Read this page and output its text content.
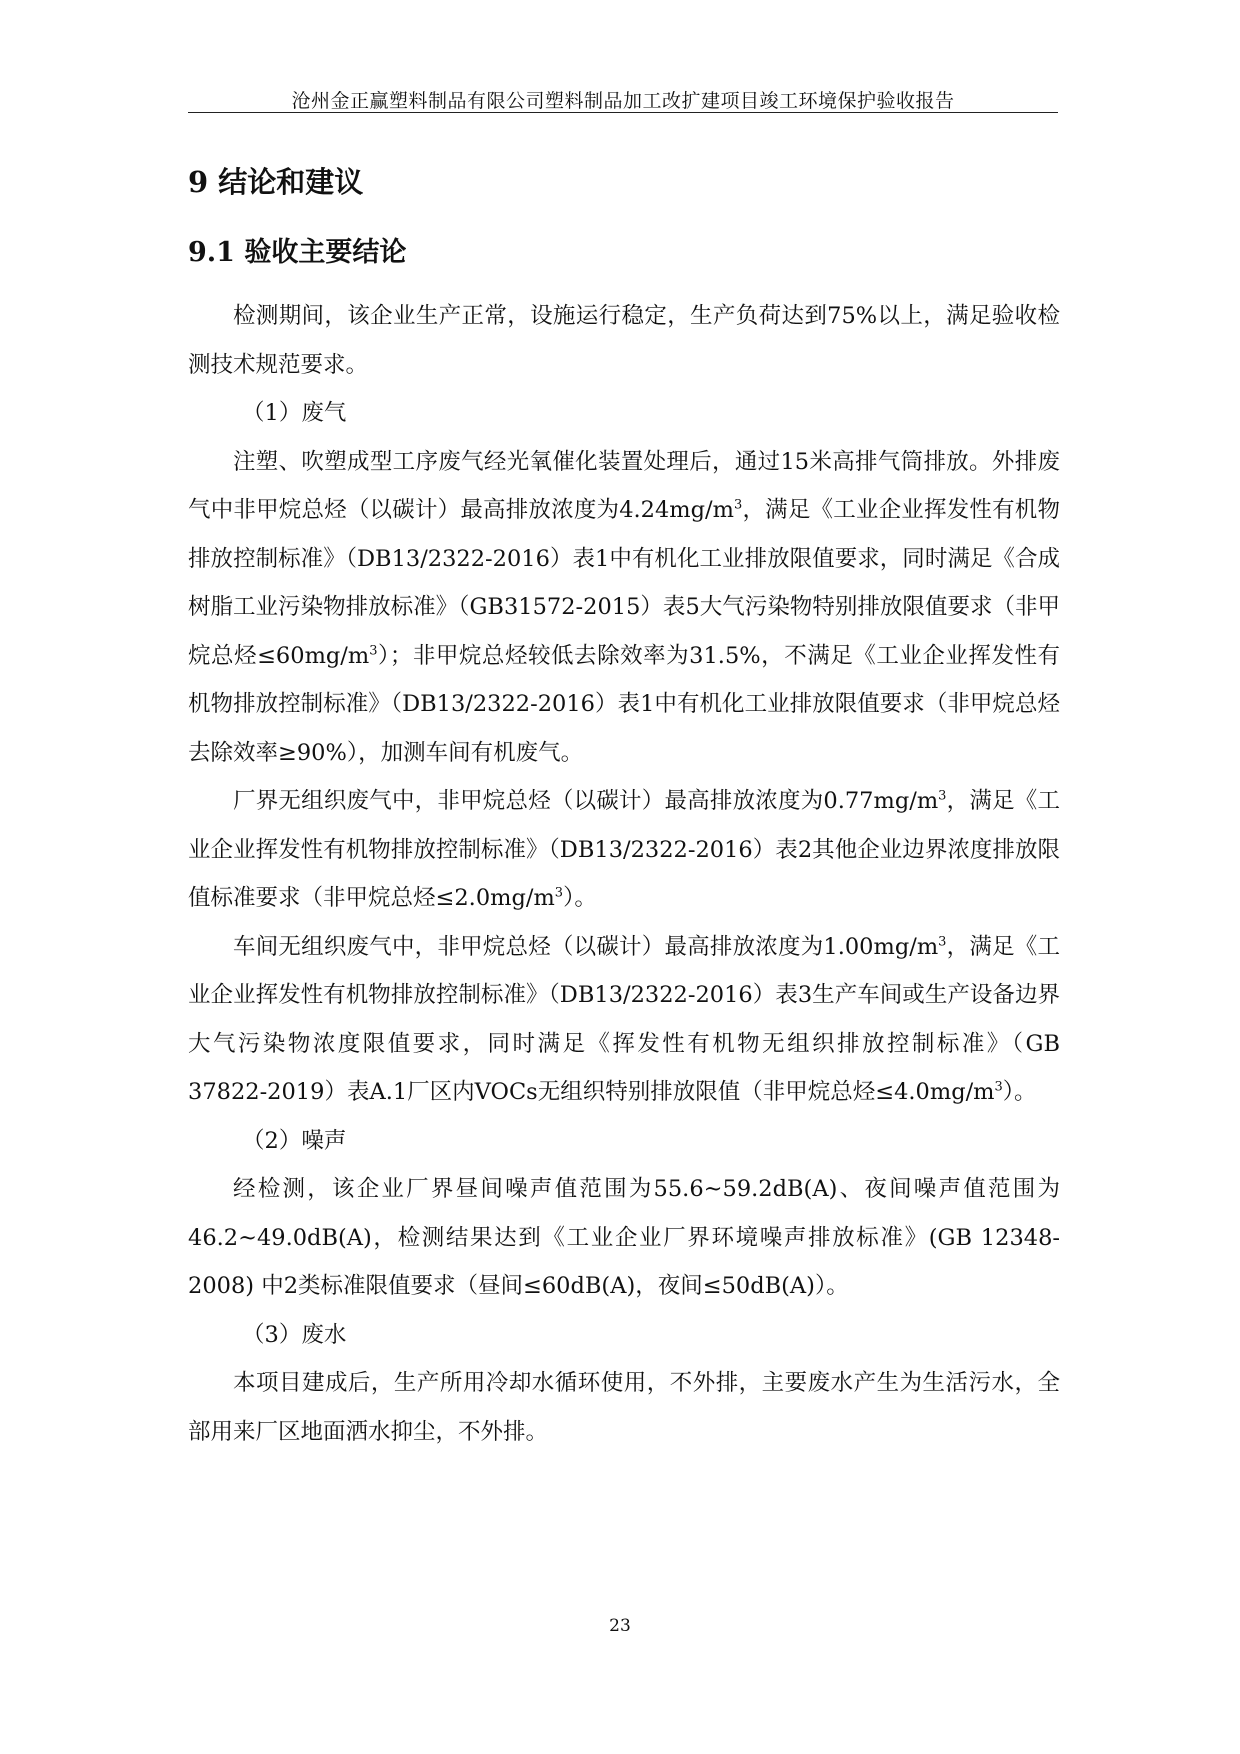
沧州金正赢塑料制品有限公司塑料制品加工改扩建项目竣工环境保护验收报告
9 结论和建议
9.1 验收主要结论

检测期间，该企业生产正常，设施运行稳定，生产负荷达到75%以上，满足验收检测技术规范要求。

（1）废气

注塑、吹塑成型工序废气经光氧催化装置处理后，通过15米高排气筒排放。外排废气中非甲烷总烃（以碳计）最高排放浓度为$4.24mg/m^3$，满足《工业企业挥发性有机物排放控制标准》（DB13/2322-2016）表1中有机化工业排放限值要求，同时满足《合成树脂工业污染物排放标准》（GB31572-2015）表5大气污染物特别排放限值要求（非甲烷总烃$\le 60mg/m^3$）；非甲烷总烃较低去除效率为31.5%，不满足《工业企业挥发性有机物排放控制标准》（DB13/2322-2016）表1中有机化工业排放限值要求（非甲烷总烃去除效率≥90%），加测车间有机废气。

厂界无组织废气中，非甲烷总烃（以碳计）最高排放浓度为$0.77mg/m^3$，满足《工业企业挥发性有机物排放控制标准》（DB13/2322-2016）表2其他企业边界浓度排放限值标准要求（非甲烷总烃$\le 2.0mg/m^3$）。

车间无组织废气中，非甲烷总烃（以碳计）最高排放浓度为$1.00mg/m^3$，满足《工业企业挥发性有机物排放控制标准》（DB13/2322-2016）表3生产车间或生产设备边界大气污染物浓度限值要求，同时满足《挥发性有机物无组织排放控制标准》（GB 37822-2019）表A.1厂区内VOCs无组织特别排放限值（非甲烷总烃$\le 4.0mg/m^3$）。

（2）噪声

经检测，该企业厂界昼间噪声值范围为55.6~59.2dB(A)、夜间噪声值范围为46.2~49.0dB(A)，检测结果达到《工业企业厂界环境噪声排放标准》(GB 12348-2008) 中2类标准限值要求（昼间≤60dB(A)，夜间≤50dB(A)）。

（3）废水

本项目建成后，生产所用冷却水循环使用，不外排，主要废水产生为生活污水，全部用来厂区地面洒水抑尘，不外排。

23
